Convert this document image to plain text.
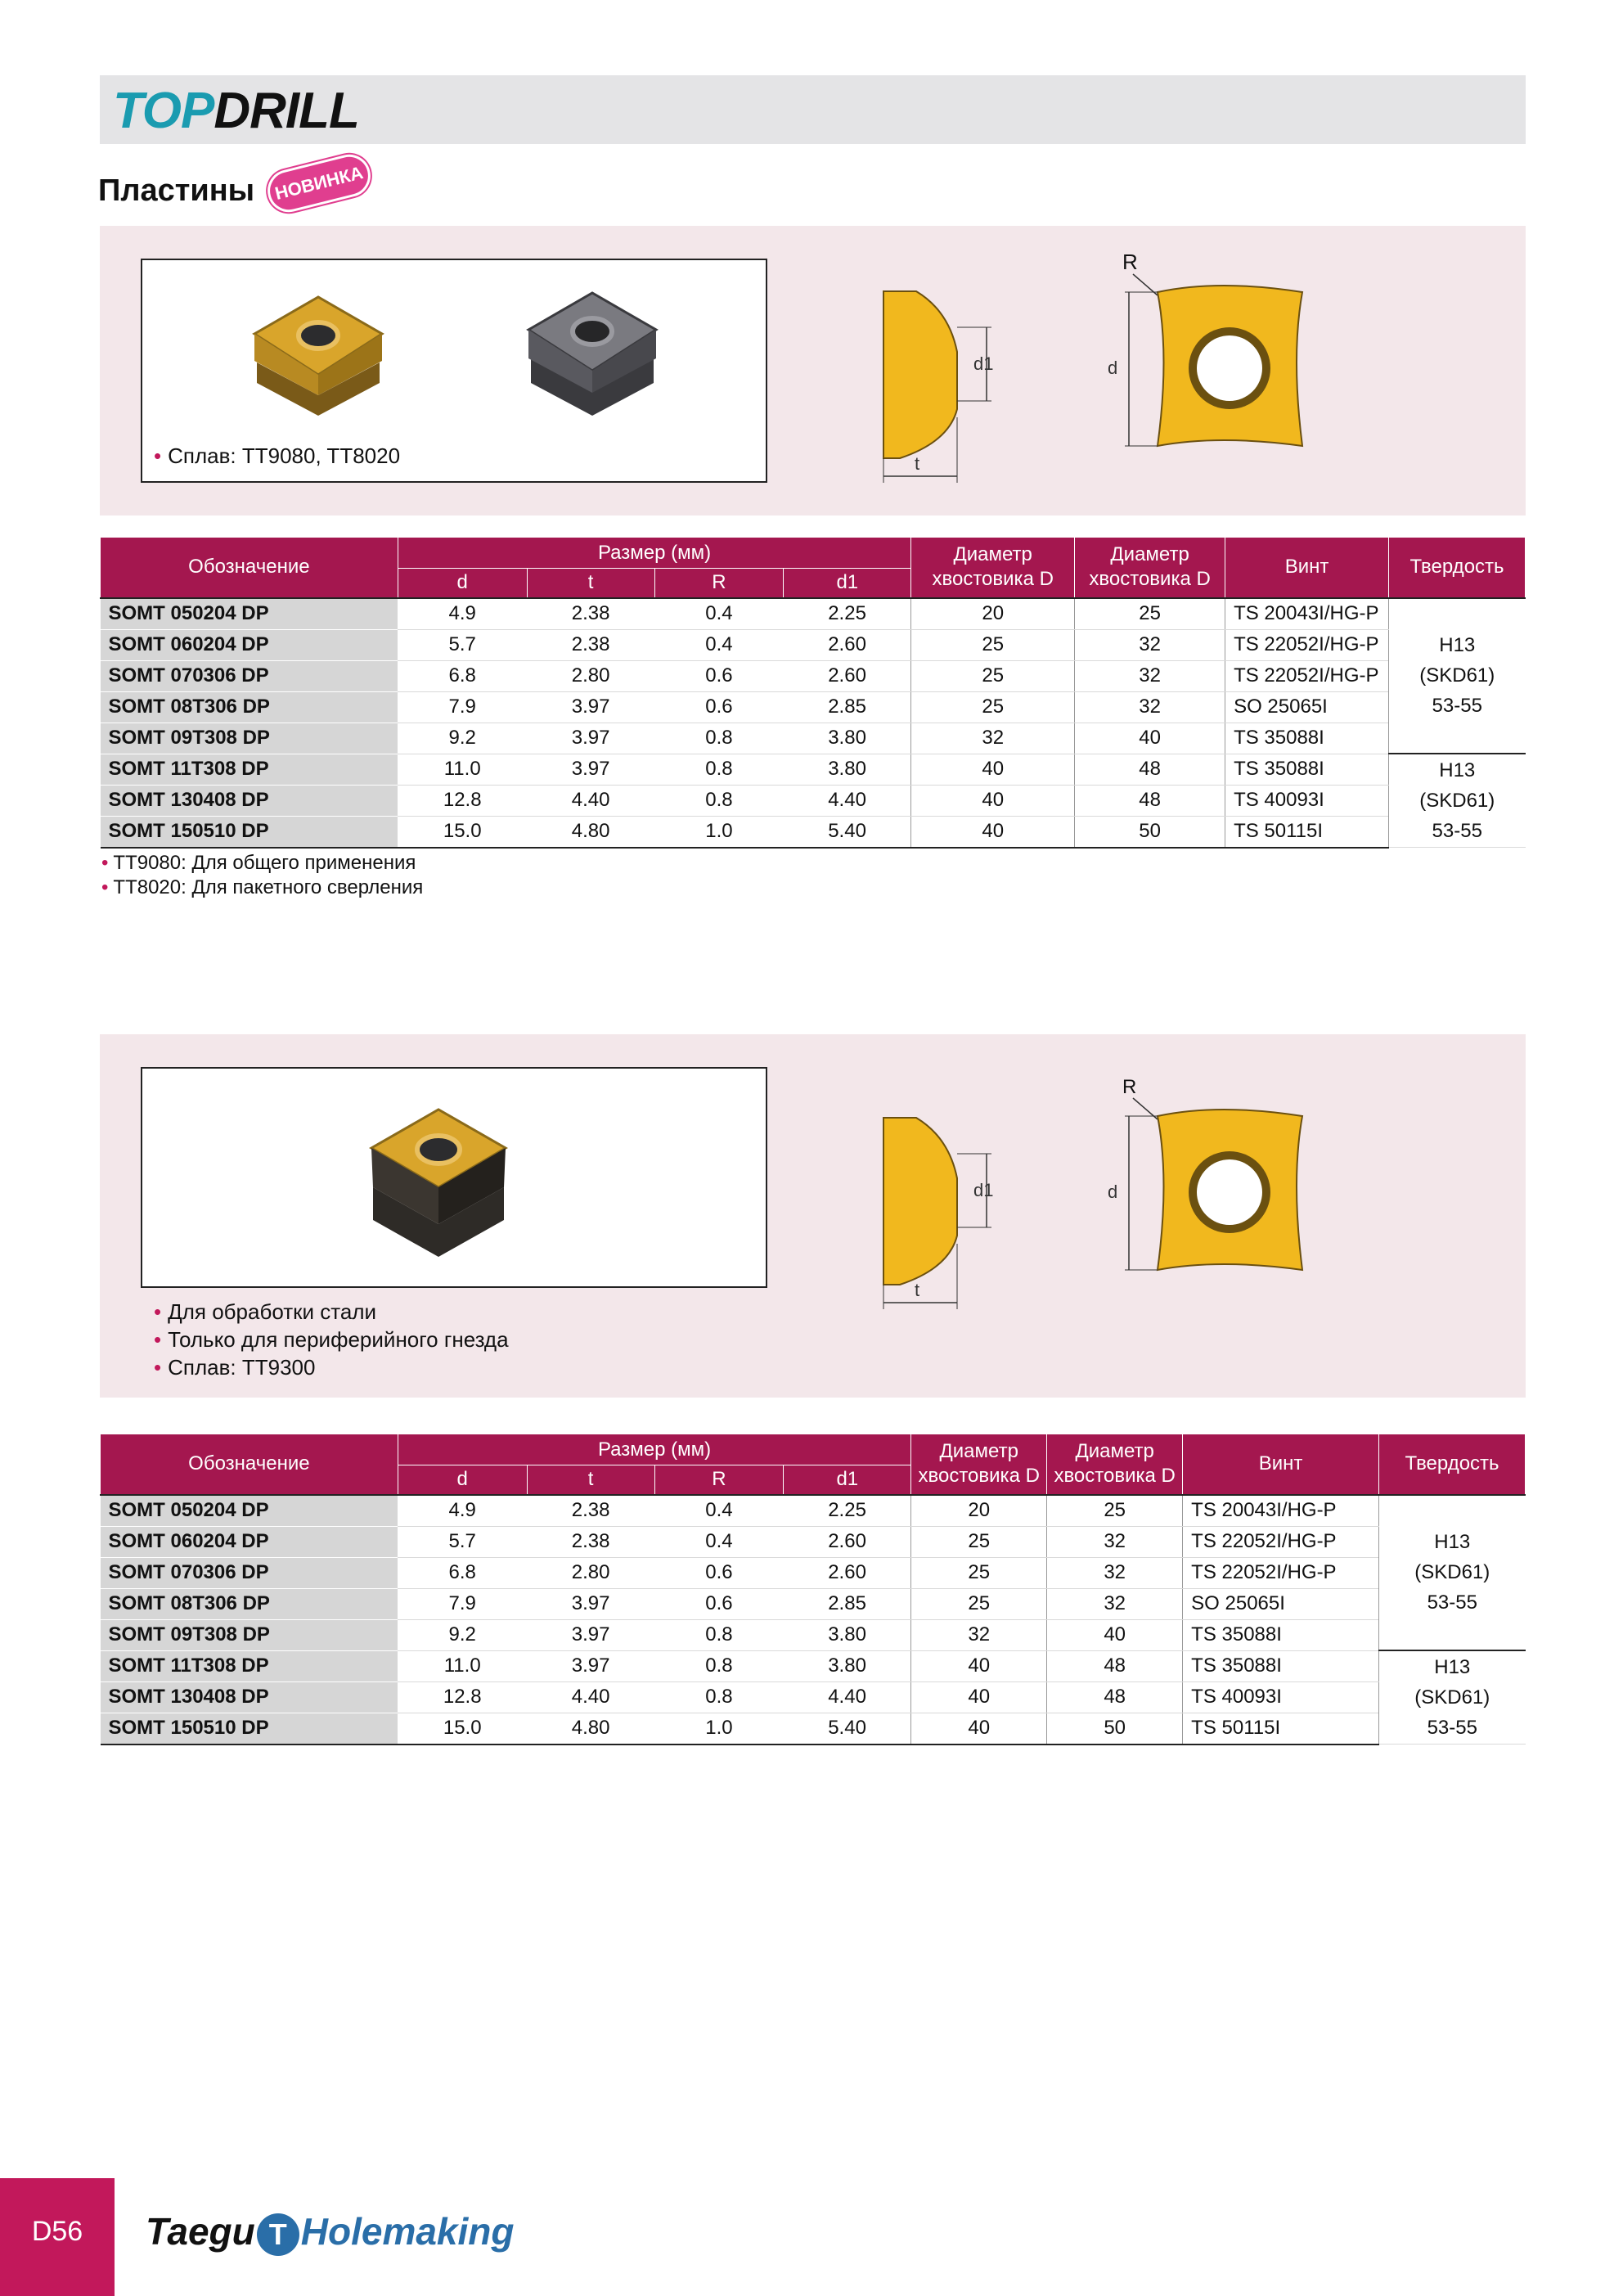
TOPDRILL
Пластины	НОВИНКА
• Сплав: TT9080, TT8020
d1
t
R
d
Обозначение	Размер (мм)				Диаметр хвостовика D	Диаметр хвостовика D	Винт	Твердость
	d	t	R	d1				
SOMT 050204 DP	4.9	2.38	0.4	2.25	20	25	TS 20043I/HG-P	H13
(SKD61)
53-55

SOMT 060204 DP	5.7	2.38	0.4	2.60	25	32	TS 22052I/HG-P	
SOMT 070306 DP	6.8	2.80	0.6	2.60	25	32	TS 22052I/HG-P	
SOMT 08T306 DP	7.9	3.97	0.6	2.85	25	32	SO 25065I	
SOMT 09T308 DP	9.2	3.97	0.8	3.80	32	40	TS 35088I	
SOMT 11T308 DP	11.0	3.97	0.8	3.80	40	48	TS 35088I	H13
(SKD61)
53-55

SOMT 130408 DP	12.8	4.40	0.8	4.40	40	48	TS 40093I	
SOMT 150510 DP	15.0	4.80	1.0	5.40	40	50	TS 50115I	
• TT9080: Для общего применения
• TT8020: Для пакетного сверления
• Для обработки стали
• Только для периферийного гнезда
• Сплав: TT9300
d1
t
R
d
Обозначение	Размер (мм)				Диаметр хвостовика D	Диаметр хвостовика D	Винт	Твердость
	d	t	R	d1				
SOMT 050204 DP	4.9	2.38	0.4	2.25	20	25	TS 20043I/HG-P	H13
(SKD61)
53-55

SOMT 060204 DP	5.7	2.38	0.4	2.60	25	32	TS 22052I/HG-P	
SOMT 070306 DP	6.8	2.80	0.6	2.60	25	32	TS 22052I/HG-P	
SOMT 08T306 DP	7.9	3.97	0.6	2.85	25	32	SO 25065I	
SOMT 09T308 DP	9.2	3.97	0.8	3.80	32	40	TS 35088I	
SOMT 11T308 DP	11.0	3.97	0.8	3.80	40	48	TS 35088I	H13
(SKD61)
53-55

SOMT 130408 DP	12.8	4.40	0.8	4.40	40	48	TS 40093I	
SOMT 150510 DP	15.0	4.80	1.0	5.40	40	50	TS 50115I	
D56	Taegu T Holemaking
